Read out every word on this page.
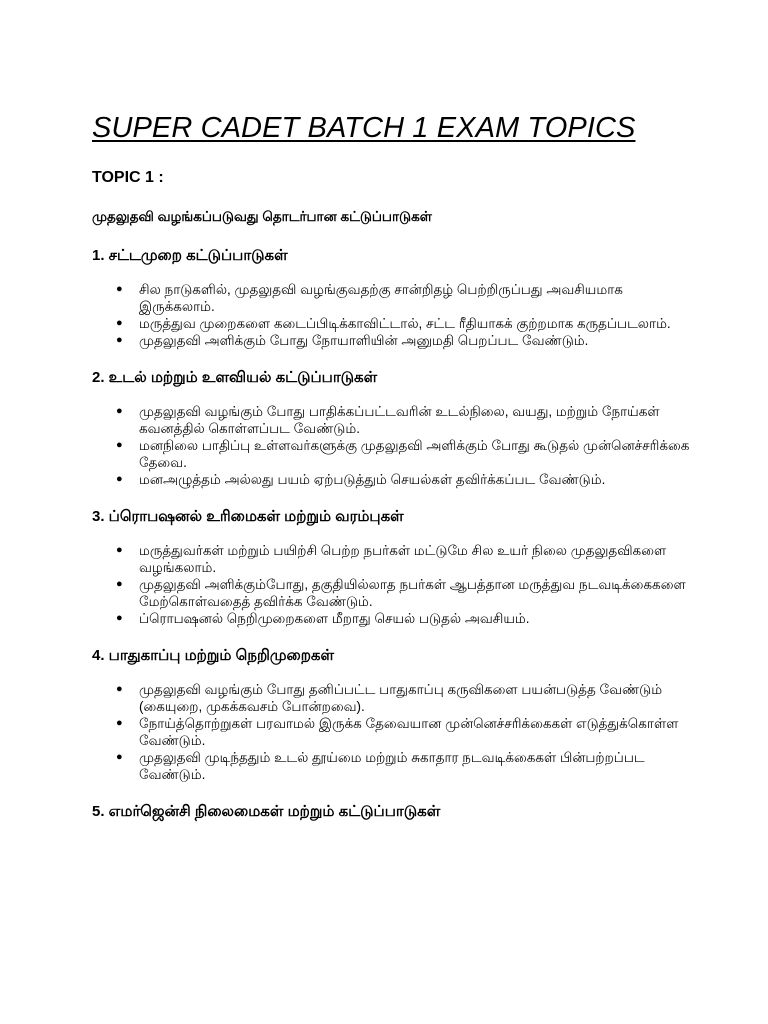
SUPER CADET BATCH 1 EXAM TOPICS
TOPIC 1 :
முதலுதவி வழங்கப்படுவது தொடர்பான கட்டுப்பாடுகள்
1. சட்டமுறை கட்டுப்பாடுகள்
● சில நாடுகளில், முதலுதவி வழங்குவதற்கு சான்றிதழ் பெற்றிருப்பது அவசியமாக இருக்கலாம்.
● மருத்துவ முறைகளை கடைப்பிடிக்காவிட்டால், சட்ட ரீதியாகக் குற்றமாக கருதப்படலாம்.
● முதலுதவி அளிக்கும் போது நோயாளியின் அனுமதி பெறப்பட வேண்டும்.
2. உடல் மற்றும் உளவியல் கட்டுப்பாடுகள்
● முதலுதவி வழங்கும் போது பாதிக்கப்பட்டவரின் உடல்நிலை, வயது, மற்றும் நோய்கள் கவனத்தில் கொள்ளப்பட வேண்டும்.
● மனநிலை பாதிப்பு உள்ளவர்களுக்கு முதலுதவி அளிக்கும் போது கூடுதல் முன்னெச்சரிக்கை தேவை.
● மனஅழுத்தம் அல்லது பயம் ஏற்படுத்தும் செயல்கள் தவிர்க்கப்பட வேண்டும்.
3. ப்ரொபஷனல் உரிமைகள் மற்றும் வரம்புகள்
● மருத்துவர்கள் மற்றும் பயிற்சி பெற்ற நபர்கள் மட்டுமே சில உயர் நிலை முதலுதவிகளை வழங்கலாம்.
● முதலுதவி அளிக்கும்போது, தகுதியில்லாத நபர்கள் ஆபத்தான மருத்துவ நடவடிக்கைகளை மேற்கொள்வதைத் தவிர்க்க வேண்டும்.
● ப்ரொபஷனல் நெறிமுறைகளை மீறாது செயல் படுதல் அவசியம்.
4. பாதுகாப்பு மற்றும் நெறிமுறைகள்
● முதலுதவி வழங்கும் போது தனிப்பட்ட பாதுகாப்பு கருவிகளை பயன்படுத்த வேண்டும் (கையுறை, முகக்கவசம் போன்றவை).
● நோய்த்தொற்றுகள் பரவாமல் இருக்க தேவையான முன்னெச்சரிக்கைகள் எடுத்துக்கொள்ள வேண்டும்.
● முதலுதவி முடிந்ததும் உடல் தூய்மை மற்றும் சுகாதார நடவடிக்கைகள் பின்பற்றப்பட வேண்டும்.
5. எமர்ஜென்சி நிலைமைகள் மற்றும் கட்டுப்பாடுகள்
